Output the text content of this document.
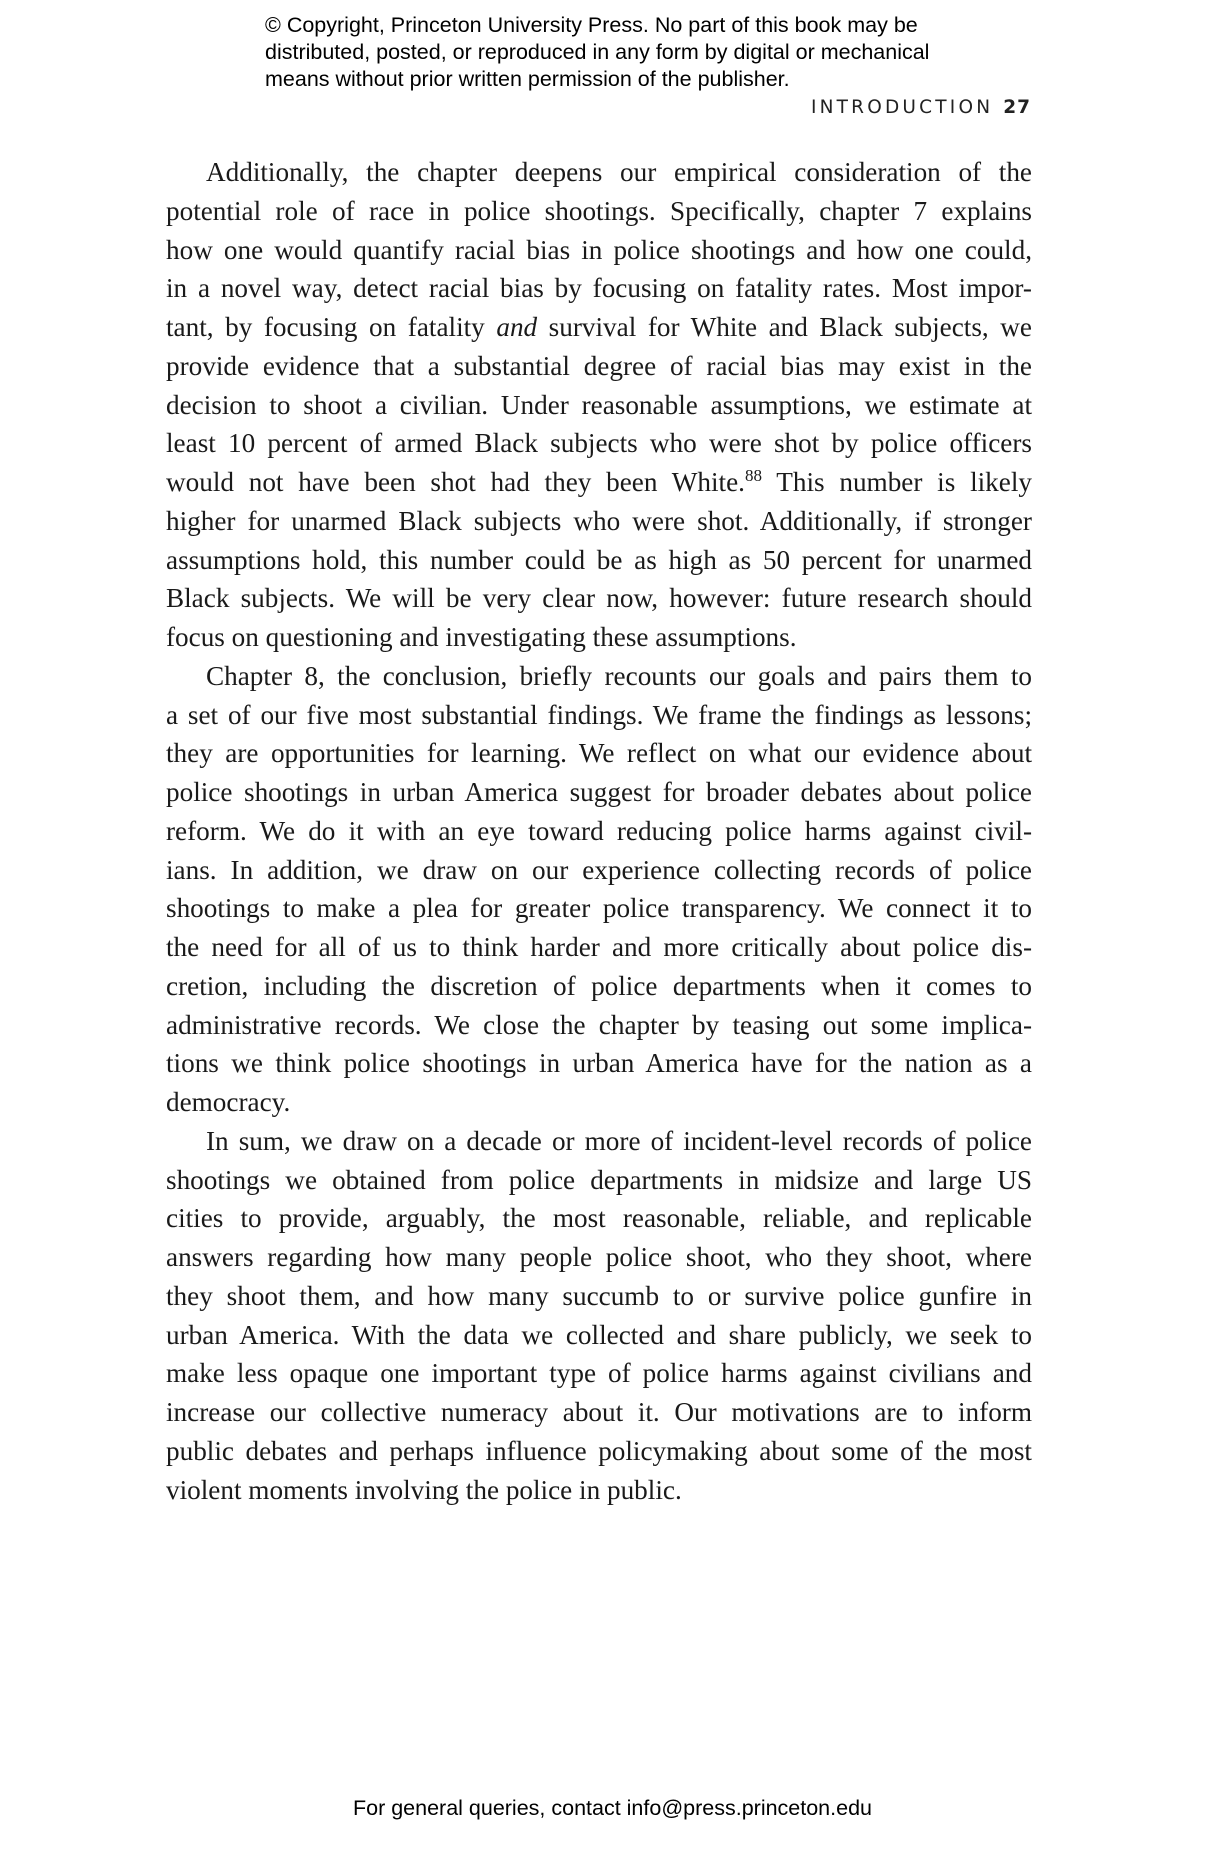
© Copyright, Princeton University Press. No part of this book may be
distributed, posted, or reproduced in any form by digital or mechanical
means without prior written permission of the publisher.
INTRODUCTION 27
Additionally, the chapter deepens our empirical consideration of the
potential role of race in police shootings. Specifically, chapter 7 explains
how one would quantify racial bias in police shootings and how one could,
in a novel way, detect racial bias by focusing on fatality rates. Most impor-
tant, by focusing on fatality and survival for White and Black subjects, we
provide evidence that a substantial degree of racial bias may exist in the
decision to shoot a civilian. Under reasonable assumptions, we estimate at
least 10 percent of armed Black subjects who were shot by police officers
would not have been shot had they been White.$^{88}$ This number is likely
higher for unarmed Black subjects who were shot. Additionally, if stronger
assumptions hold, this number could be as high as 50 percent for unarmed
Black subjects. We will be very clear now, however: future research should
focus on questioning and investigating these assumptions.
Chapter 8, the conclusion, briefly recounts our goals and pairs them to
a set of our five most substantial findings. We frame the findings as lessons;
they are opportunities for learning. We reflect on what our evidence about
police shootings in urban America suggest for broader debates about police
reform. We do it with an eye toward reducing police harms against civil-
ians. In addition, we draw on our experience collecting records of police
shootings to make a plea for greater police transparency. We connect it to
the need for all of us to think harder and more critically about police dis-
cretion, including the discretion of police departments when it comes to
administrative records. We close the chapter by teasing out some implica-
tions we think police shootings in urban America have for the nation as a
democracy.
In sum, we draw on a decade or more of incident-level records of police
shootings we obtained from police departments in midsize and large US
cities to provide, arguably, the most reasonable, reliable, and replicable
answers regarding how many people police shoot, who they shoot, where
they shoot them, and how many succumb to or survive police gunfire in
urban America. With the data we collected and share publicly, we seek to
make less opaque one important type of police harms against civilians and
increase our collective numeracy about it. Our motivations are to inform
public debates and perhaps influence policymaking about some of the most
violent moments involving the police in public.
For general queries, contact info@press.princeton.edu
